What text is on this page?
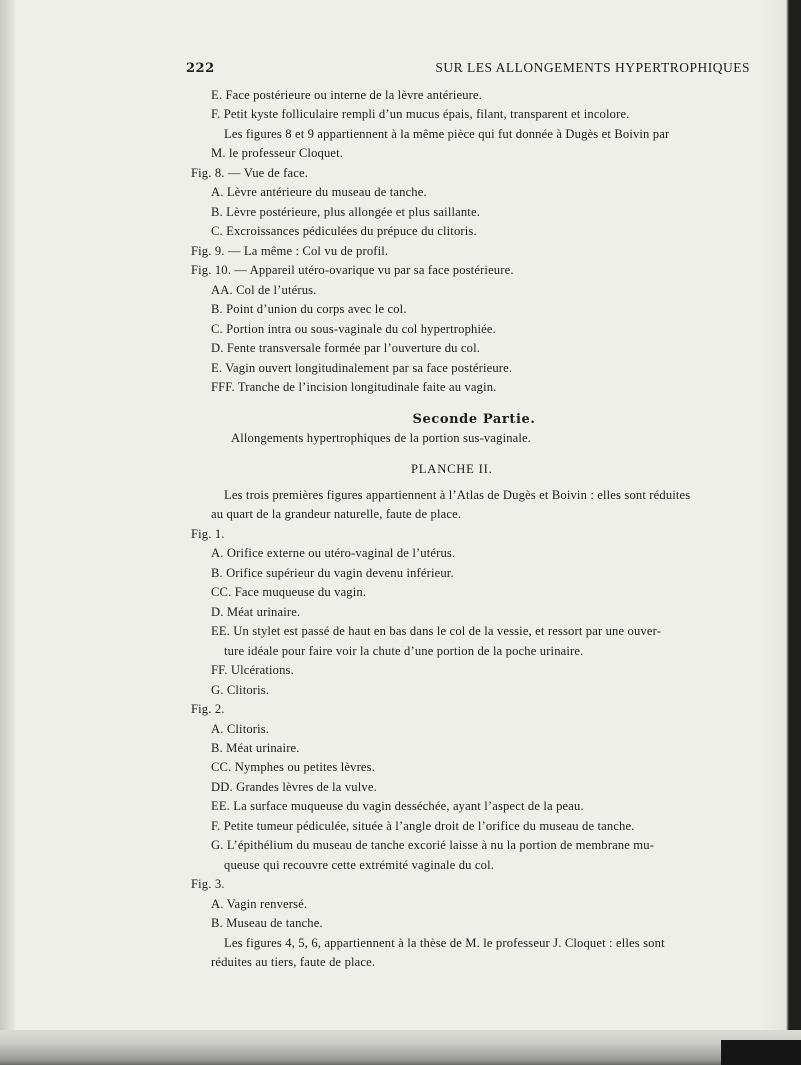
222	SUR LES ALLONGEMENTS HYPERTROPHIQUES
E. Face postérieure ou interne de la lèvre antérieure.
F. Petit kyste folliculaire rempli d’un mucus épais, filant, transparent et incolore.
Les figures 8 et 9 appartiennent à la même pièce qui fut donnée à Dugès et Boivin par
M. le professeur Cloquet.
Fig. 8. — Vue de face.
A. Lèvre antérieure du museau de tanche.
B. Lèvre postérieure, plus allongée et plus saillante.
C. Excroissances pédiculées du prépuce du clitoris.
Fig. 9. — La même : Col vu de profil.
Fig. 10. — Appareil utéro-ovarique vu par sa face postérieure.
AA. Col de l’utérus.
B. Point d’union du corps avec le col.
C. Portion intra ou sous-vaginale du col hypertrophiée.
D. Fente transversale formée par l’ouverture du col.
E. Vagin ouvert longitudinalement par sa face postérieure.
FFF. Tranche de l’incision longitudinale faite au vagin.
Seconde Partie.
Allongements hypertrophiques de la portion sus-vaginale.
PLANCHE II.
Les trois premières figures appartiennent à l’Atlas de Dugès et Boivin : elles sont réduites
au quart de la grandeur naturelle, faute de place.
Fig. 1.
A. Orifice externe ou utéro-vaginal de l’utérus.
B. Orifice supérieur du vagin devenu inférieur.
CC. Face muqueuse du vagin.
D. Méat urinaire.
EE. Un stylet est passé de haut en bas dans le col de la vessie, et ressort par une ouver-
ture idéale pour faire voir la chute d’une portion de la poche urinaire.
FF. Ulcérations.
G. Clitoris.
Fig. 2.
A. Clitoris.
B. Méat urinaire.
CC. Nymphes ou petites lèvres.
DD. Grandes lèvres de la vulve.
EE. La surface muqueuse du vagin desséchée, ayant l’aspect de la peau.
F. Petite tumeur pédiculée, située à l’angle droit de l’orifice du museau de tanche.
G. L’épithélium du museau de tanche excorié laisse à nu la portion de membrane mu-
queuse qui recouvre cette extrémité vaginale du col.
Fig. 3.
A. Vagin renversé.
B. Museau de tanche.
Les figures 4, 5, 6, appartiennent à la thèse de M. le professeur J. Cloquet : elles sont
réduites au tiers, faute de place.
